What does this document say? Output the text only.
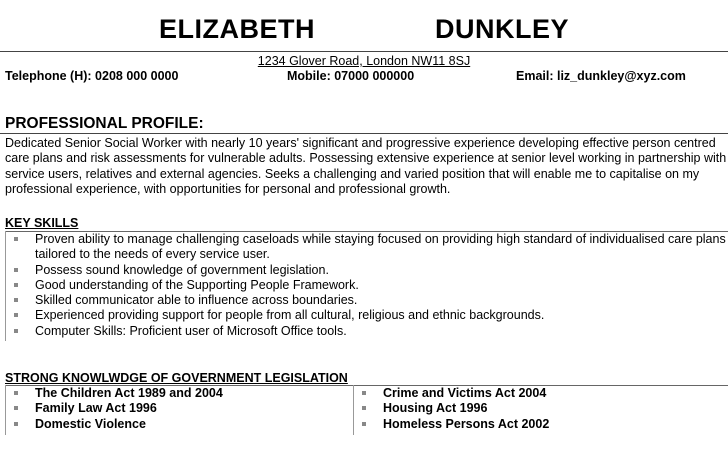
ELIZABETH    DUNKLEY
1234 Glover Road, London NW11 8SJ
Telephone (H): 0208 000 0000	Mobile: 07000 000000	Email: liz_dunkley@xyz.com
PROFESSIONAL PROFILE:
Dedicated Senior Social Worker with nearly 10 years' significant and progressive experience developing effective person centred care plans and risk assessments for vulnerable adults. Possessing extensive experience at senior level working in partnership with service users, relatives and external agencies. Seeks a challenging and varied position that will enable me to capitalise on my professional experience, with opportunities for personal and professional growth.
KEY SKILLS
Proven ability to manage challenging caseloads while staying focused on providing high standard of individualised care plans tailored to the needs of every service user.
Possess sound knowledge of government legislation.
Good understanding of the Supporting People Framework.
Skilled communicator able to influence across boundaries.
Experienced providing support for people from all cultural, religious and ethnic backgrounds.
Computer Skills: Proficient user of Microsoft Office tools.
STRONG KNOWLWDGE OF GOVERNMENT LEGISLATION
The Children Act 1989 and 2004
Family Law Act 1996
Domestic Violence
Crime and Victims Act 2004
Housing Act 1996
Homeless Persons Act 2002
